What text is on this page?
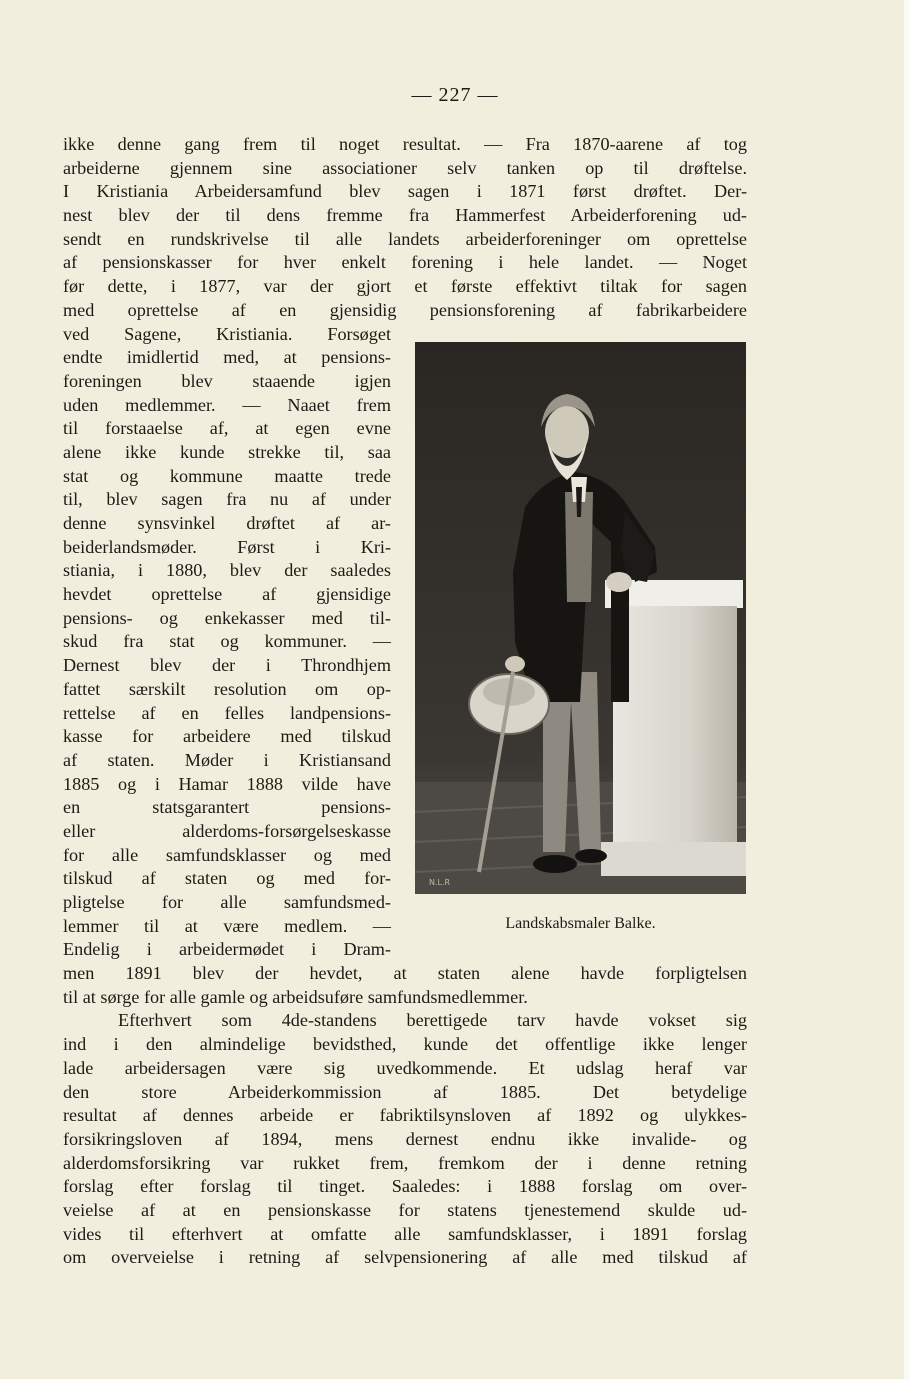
— 227 —
ikke denne gang frem til noget resultat. — Fra 1870-aarene af tog
arbeiderne gjennem sine associationer selv tanken op til drøftelse.
I Kristiania Arbeidersamfund blev sagen i 1871 først drøftet. Der-
nest blev der til dens fremme fra Hammerfest Arbeiderforening ud-
sendt en rundskrivelse til alle landets arbeiderforeninger om oprettelse
af pensionskasser for hver enkelt forening i hele landet. — Noget
før dette, i 1877, var der gjort et første effektivt tiltak for sagen
med oprettelse af en gjensidig pensionsforening af fabrikarbeidere
ved Sagene, Kristiania. Forsøget
endte imidlertid med, at pensions-
foreningen blev staaende igjen
uden medlemmer. — Naaet frem
til forstaaelse af, at egen evne
alene ikke kunde strekke til, saa
stat og kommune maatte trede
til, blev sagen fra nu af under
denne synsvinkel drøftet af ar-
beiderlandsmøder. Først i Kri-
stiania, i 1880, blev der saaledes
hevdet oprettelse af gjensidige
pensions- og enkekasser med til-
skud fra stat og kommuner. —
Dernest blev der i Throndhjem
fattet særskilt resolution om op-
rettelse af en felles landpensions-
kasse for arbeidere med tilskud
af staten. Møder i Kristiansand
1885 og i Hamar 1888 vilde have
en statsgarantert pensions-
eller alderdoms-forsørgelseskasse
for alle samfundsklasser og med
tilskud af staten og med for-
pligtelse for alle samfundsmed-
lemmer til at være medlem. —
Endelig i arbeidermødet i Dram-
men 1891 blev der hevdet, at staten alene havde forpligtelsen
til at sørge for alle gamle og arbeidsuføre samfundsmedlemmer.
Efterhvert som 4de-standens berettigede tarv havde vokset sig
ind i den almindelige bevidsthed, kunde det offentlige ikke lenger
lade arbeidersagen være sig uvedkommende. Et udslag heraf var
den store Arbeiderkommission af 1885. Det betydelige
resultat af dennes arbeide er fabriktilsynsloven af 1892 og ulykkes-
forsikringsloven af 1894, mens dernest endnu ikke invalide- og
alderdomsforsikring var rukket frem, fremkom der i denne retning
forslag efter forslag til tinget. Saaledes: i 1888 forslag om over-
veielse af at en pensionskasse for statens tjenestemend skulde ud-
vides til efterhvert at omfatte alle samfundsklasser, i 1891 forslag
om overveielse i retning af selvpensionering af alle med tilskud af
N.L.R
Landskabsmaler Balke.
